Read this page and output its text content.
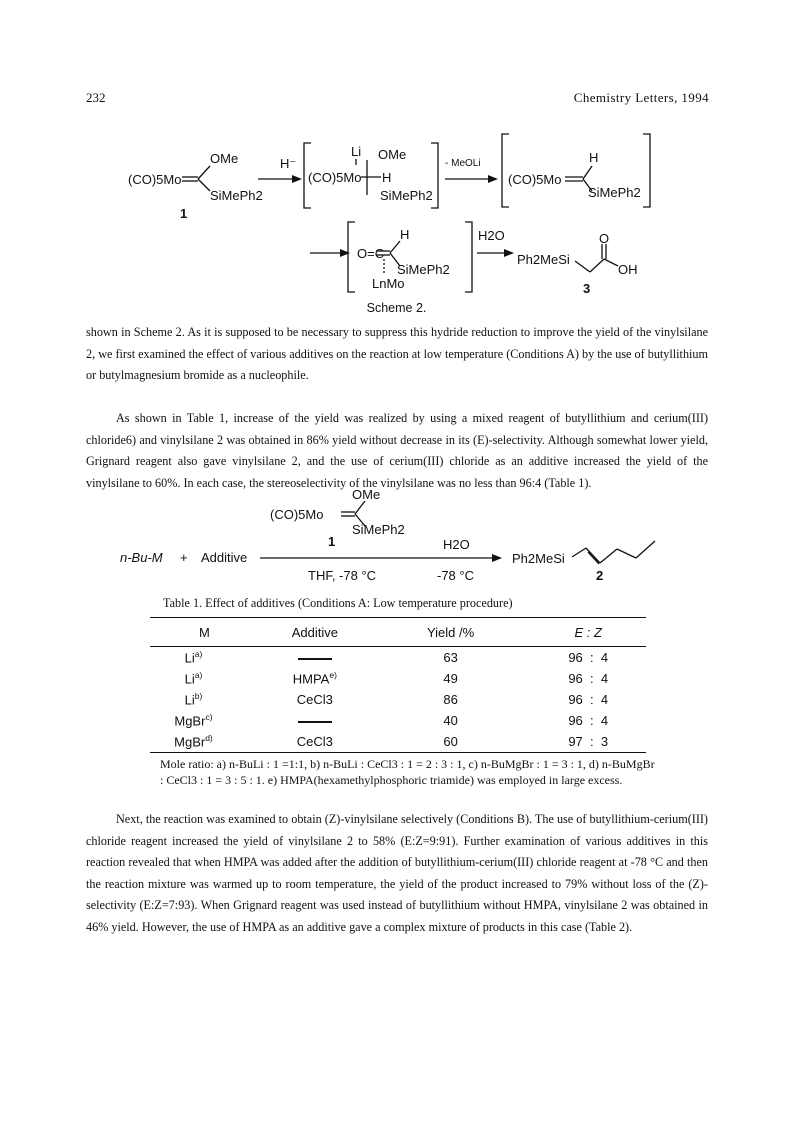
232	Chemistry Letters, 1994
(CO)5Mo
OMe
SiMePh2
1
H⁻
Li OMe
(CO)5Mo H
SiMePh2
- MeOLi
(CO)5Mo
H
SiMePh2
O=C
H
SiMePh2
LnMo
H2O
Ph2MeSi
O
OH
3
(CO)5Mo
OMe
SiMePh2
1
n-Bu-M + Additive
H2O
THF, -78 °C	-78 °C
Ph2MeSi
2
Scheme 2.
shown in Scheme 2. As it is supposed to be necessary to suppress this hydride reduction to improve the yield of the vinylsilane 2, we first examined the effect of various additives on the reaction at low temperature (Conditions A) by the use of butyllithium or butylmagnesium bromide as a nucleophile.
As shown in Table 1, increase of the yield was realized by using a mixed reagent of butyllithium and cerium(III) chloride6) and vinylsilane 2 was obtained in 86% yield without decrease in its (E)-selectivity. Although somewhat lower yield, Grignard reagent also gave vinylsilane 2, and the use of cerium(III) chloride as an additive increased the yield of the vinylsilane to 60%. In each case, the stereoselectivity of the vinylsilane was no less than 96:4 (Table 1).
Table 1. Effect of additives (Conditions A: Low temperature procedure)
M	Additive	Yield /%	E : Z
Li$^{a)}$		63	96  :  4
Li$^{a)}$	HMPA$^{e)}$	49	96  :  4
Li$^{b)}$	CeCl3	86	96  :  4
MgBr$^{c)}$		40	96  :  4
MgBr$^{d)}$	CeCl3	60	97  :  3
Mole ratio: a) n-BuLi : 1 =1:1, b) n-BuLi : CeCl3 : 1 = 2 : 3 : 1, c) n-BuMgBr : 1 = 3 : 1, d) n-BuMgBr : CeCl3 : 1 = 3 : 5 : 1. e) HMPA(hexamethylphosphoric triamide) was employed in large excess.
Next, the reaction was examined to obtain (Z)-vinylsilane selectively (Conditions B). The use of butyllithium-cerium(III) chloride reagent increased the yield of vinylsilane 2 to 58% (E:Z=9:91). Further examination of various additives in this reaction revealed that when HMPA was added after the addition of butyllithium-cerium(III) chloride reagent at -78 °C and then the reaction mixture was warmed up to room temperature, the yield of the product increased to 79% without loss of the (Z)-selectivity (E:Z=7:93). When Grignard reagent was used instead of butyllithium without HMPA, vinylsilane 2 was obtained in 46% yield. However, the use of HMPA as an additive gave a complex mixture of products in this case (Table 2).
